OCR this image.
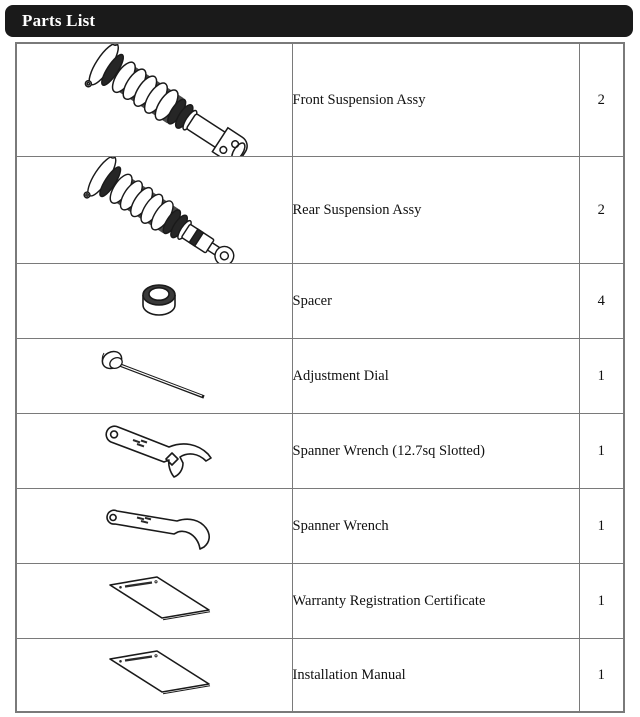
Parts List
	Front Suspension Assy	2

	Rear Suspension Assy	2

	Spacer	4

	Adjustment Dial	1

	Spanner Wrench (12.7sq Slotted)	1

	Spanner Wrench	1

	Warranty Registration Certificate	1

	Installation Manual	1
